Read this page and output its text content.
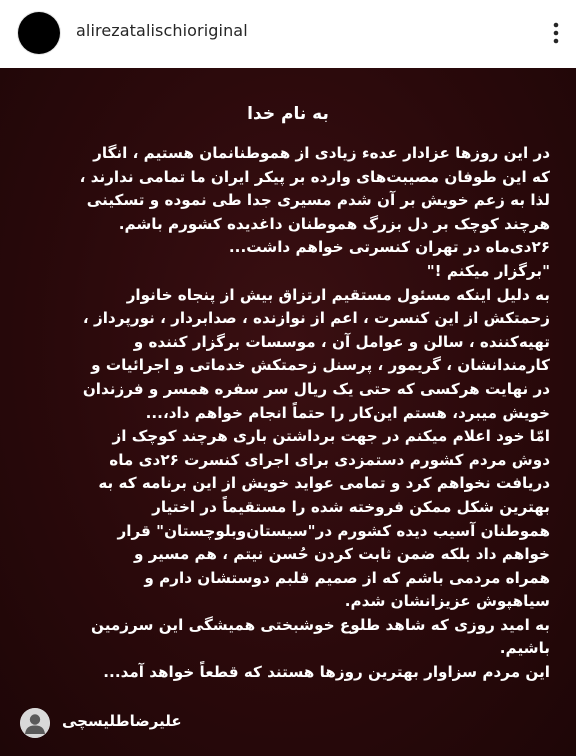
alirezatalischioriginal
به نام خدا
در این روزها عزادار عده‌ء زیادی از هموطنانمان هستیم ، انگار
که این طوفان مصیبت‌های وارده بر پیکر ایران ما تمامی ندارند ،
لذا به زعم خویش بر آن شدم مسیری جدا طی نموده و تسکینی
هرچند کوچک بر دل بزرگ هموطنان داغدیده کشورم باشم.
۲۶دی‌ماه در تهران کنسرتی خواهم داشت...
"برگزار میکنم !"
به دلیل اینکه مسئول مستقیم ارتزاق بیش از پنجاه خانوار
زحمتکش از این کنسرت ، اعم از نوازنده ، صدابردار ، نورپرداز ،
تهیه‌کننده ، سالن و عوامل آن ، موسسات برگزار کننده و
کارمندانشان ، گریمور ، پرسنل زحمتکش خدماتی و اجرائیات و
در نهایت هرکسی که حتی یک ریال سر سفره همسر و فرزندان
خویش میبرد، هستم این‌کار را حتماً انجام خواهم داد،...
امّا خود اعلام میکنم در جهت برداشتن باری هرچند کوچک از
دوش مردم کشورم دستمزدی برای اجرای کنسرت ۲۶دی ماه
دریافت نخواهم کرد و تمامی عواید خویش از این برنامه که به
بهترین شکل ممکن فروخته شده را مستقیماً در اختیار
هموطنان آسیب دیده کشورم در"سیستان‌وبلوچستان" قرار
خواهم داد بلکه ضمن ثابت کردن حُسن نیتم ، هم مسیر و
همراه مردمی باشم که از صمیم قلبم دوستشان دارم و
سیاهپوش عزیزانشان شدم.
به امید روزی که شاهد طلوع خوشبختی همیشگی این سرزمین
باشیم.
این مردم سزاوار بهترین روزها هستند که قطعاً خواهد آمد...
علیرضاطلیسچی
